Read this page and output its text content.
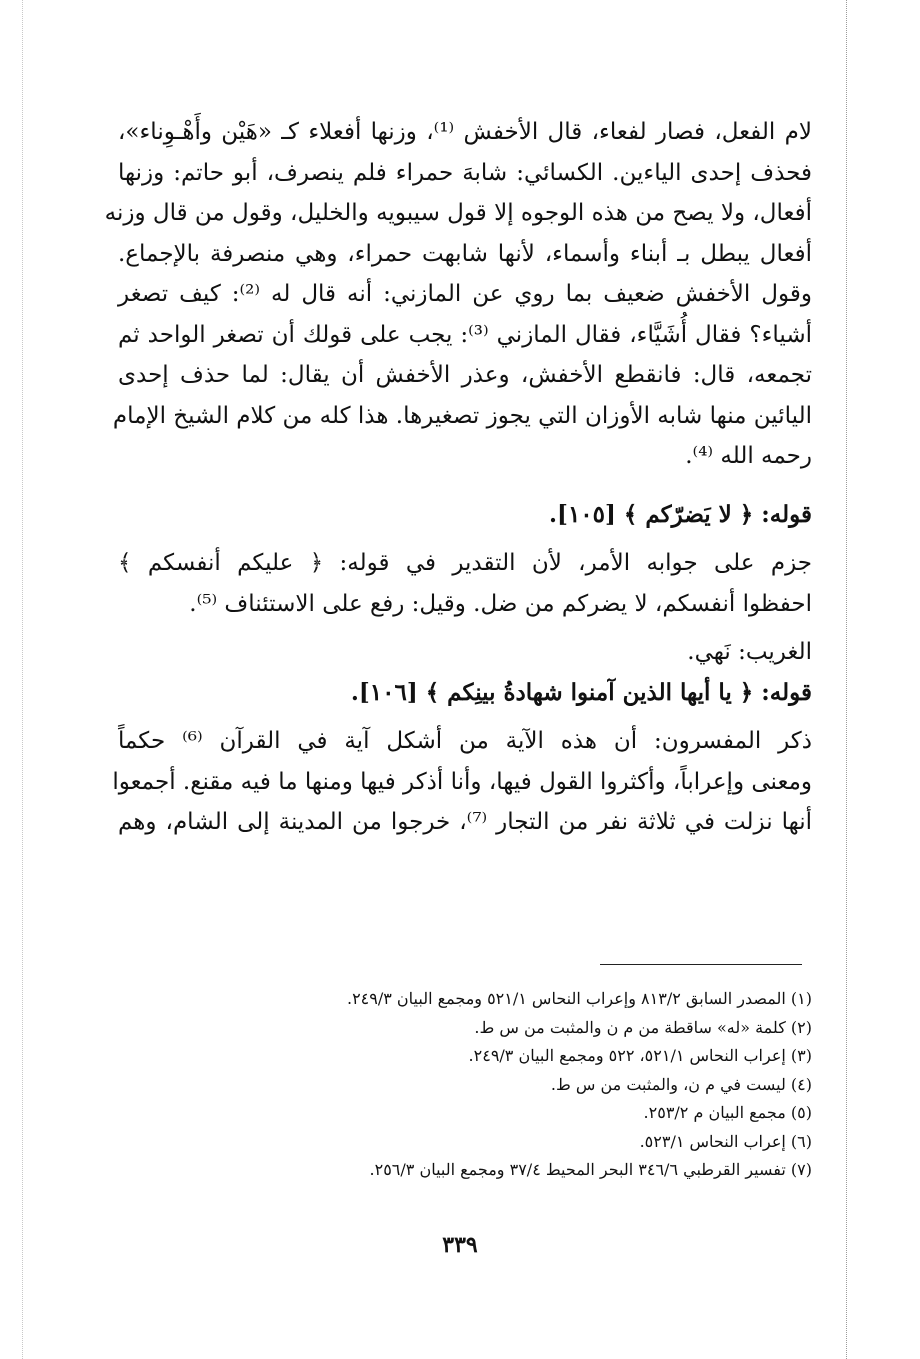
لام الفعل، فصار لفعاء، قال الأخفش ⁽¹⁾، وزنها أفعلاء كـ «هَيْن وأَهْـوِناء»،
فحذف إحدى الياءين. الكسائي: شابهَ حمراء فلم ينصرف، أبو حاتم: وزنها
أفعال، ولا يصح من هذه الوجوه إلا قول سيبويه والخليل، وقول من قال وزنه
أفعال يبطل بـ أبناء وأسماء، لأنها شابهت حمراء، وهي منصرفة بالإجماع.
وقول الأخفش ضعيف بما روي عن المازني: أنه قال له ⁽²⁾: كيف تصغر
أشياء؟ فقال أُشَيَّاء، فقال المازني ⁽³⁾: يجب على قولك أن تصغر الواحد ثم
تجمعه، قال: فانقطع الأخفش، وعذر الأخفش أن يقال: لما حذف إحدى
اليائين منها شابه الأوزان التي يجوز تصغيرها. هذا كله من كلام الشيخ الإمام
رحمه الله ⁽⁴⁾.

قوله: ﴿ لا يَضرّكم ﴾ [١٠٥].

جزم على جوابه الأمر، لأن التقدير في قوله: ﴿ عليكم أنفسكم ﴾
احفظوا أنفسكم، لا يضركم من ضل. وقيل: رفع على الاستئناف ⁽⁵⁾.

الغريب: نَهي.

قوله: ﴿ يا أيها الذين آمنوا شهادةُ بينِكم ﴾ [١٠٦].

ذكر المفسرون: أن هذه الآية من أشكل آية في القرآن ⁽⁶⁾ حكماً
ومعنى وإعراباً، وأكثروا القول فيها، وأنا أذكر فيها ومنها ما فيه مقنع. أجمعوا
أنها نزلت في ثلاثة نفر من التجار ⁽⁷⁾، خرجوا من المدينة إلى الشام، وهم

(١) المصدر السابق ٨١٣/٢ وإعراب النحاس ٥٢١/١ ومجمع البيان ٢٤٩/٣.
(٢) كلمة «له» ساقطة من م ن والمثبت من س ط.
(٣) إعراب النحاس ٥٢١/١، ٥٢٢ ومجمع البيان ٢٤٩/٣.
(٤) ليست في م ن، والمثبت من س ط.
(٥) مجمع البيان م ٢٥٣/٢.
(٦) إعراب النحاس ٥٢٣/١.
(٧) تفسير القرطبي ٣٤٦/٦ البحر المحيط ٣٧/٤ ومجمع البيان ٢٥٦/٣.
٣٣٩
